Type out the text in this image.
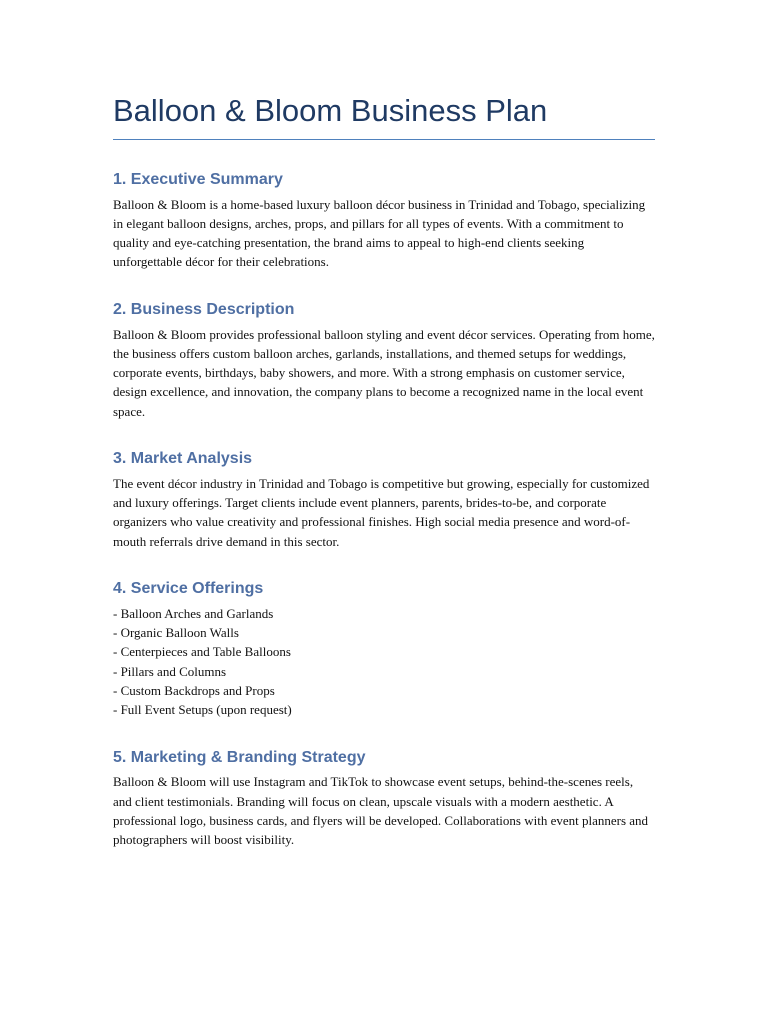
Balloon & Bloom Business Plan
1. Executive Summary

Balloon & Bloom is a home-based luxury balloon décor business in Trinidad and Tobago, specializing in elegant balloon designs, arches, props, and pillars for all types of events. With a commitment to quality and eye-catching presentation, the brand aims to appeal to high-end clients seeking unforgettable décor for their celebrations.

2. Business Description

Balloon & Bloom provides professional balloon styling and event décor services. Operating from home, the business offers custom balloon arches, garlands, installations, and themed setups for weddings, corporate events, birthdays, baby showers, and more. With a strong emphasis on customer service, design excellence, and innovation, the company plans to become a recognized name in the local event space.

3. Market Analysis

The event décor industry in Trinidad and Tobago is competitive but growing, especially for customized and luxury offerings. Target clients include event planners, parents, brides-to-be, and corporate organizers who value creativity and professional finishes. High social media presence and word-of-mouth referrals drive demand in this sector.

4. Service Offerings
- Balloon Arches and Garlands
- Organic Balloon Walls
- Centerpieces and Table Balloons
- Pillars and Columns
- Custom Backdrops and Props
- Full Event Setups (upon request)
5. Marketing & Branding Strategy

Balloon & Bloom will use Instagram and TikTok to showcase event setups, behind-the-scenes reels, and client testimonials. Branding will focus on clean, upscale visuals with a modern aesthetic. A professional logo, business cards, and flyers will be developed. Collaborations with event planners and photographers will boost visibility.
